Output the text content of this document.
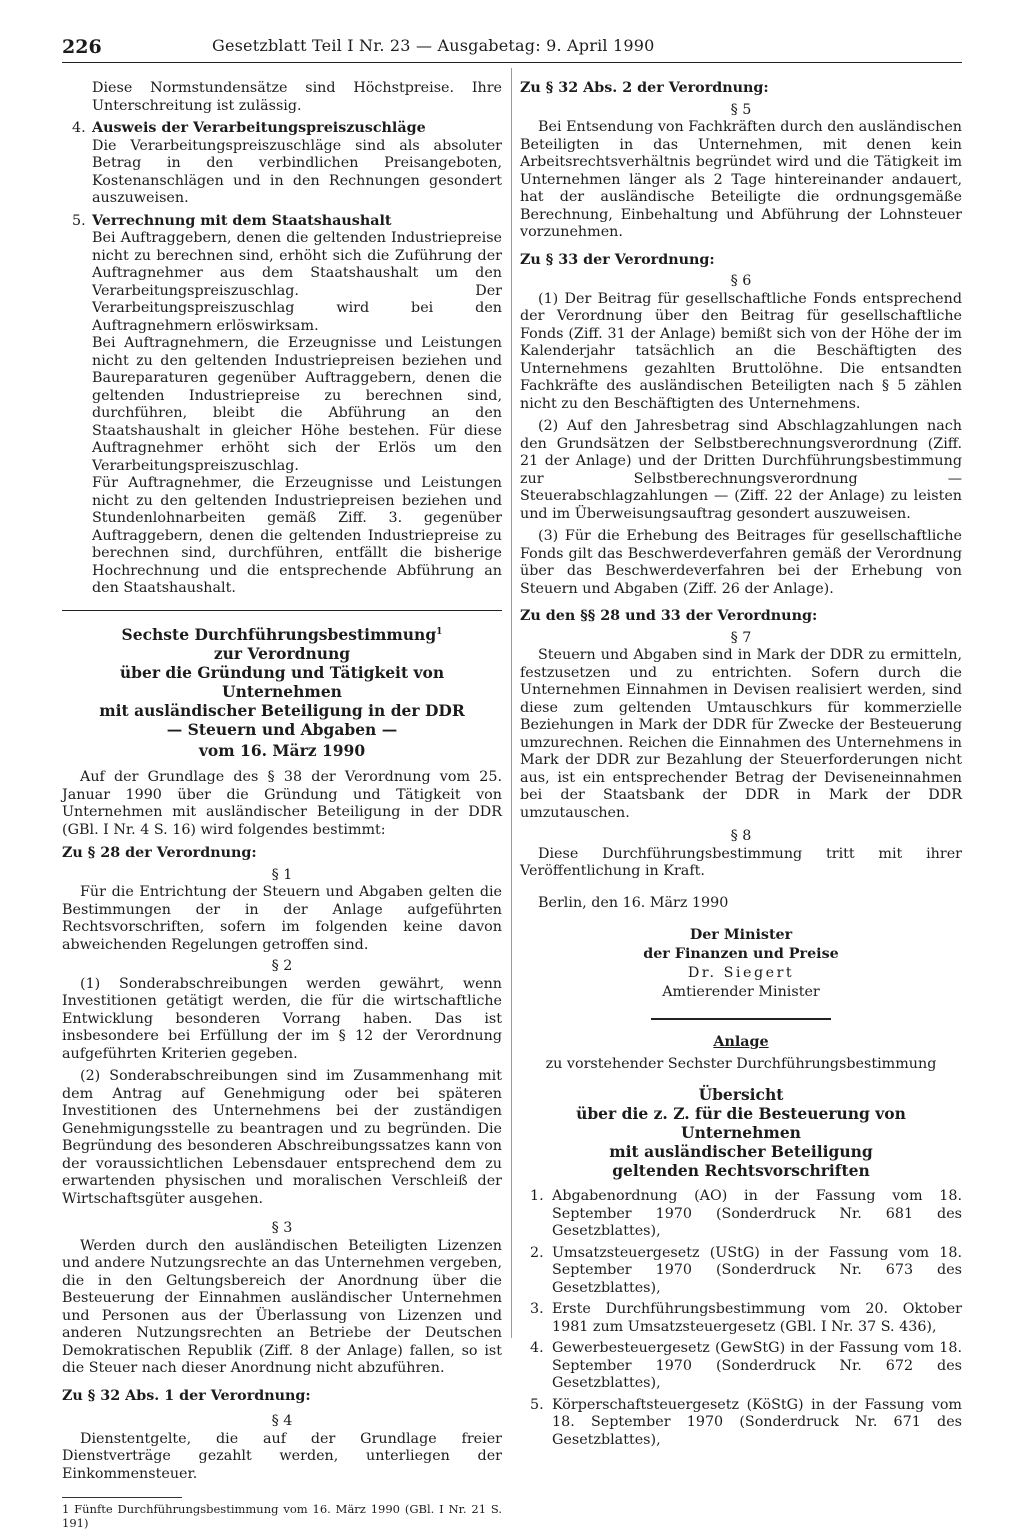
226	Gesetzblatt Teil I Nr. 23 — Ausgabetag: 9. April 1990

Diese Normstundensätze sind Höchstpreise. Ihre Unterschreitung ist zulässig.

4. Ausweis der Verarbeitungspreiszuschläge

Die Verarbeitungspreiszuschläge sind als absoluter Betrag in den verbindlichen Preisangeboten, Kostenanschlägen und in den Rechnungen gesondert auszuweisen.

5. Verrechnung mit dem Staatshaushalt

Bei Auftraggebern, denen die geltenden Industriepreise nicht zu berechnen sind, erhöht sich die Zuführung der Auftragnehmer aus dem Staatshaushalt um den Verarbeitungspreiszuschlag. Der Verarbeitungspreiszuschlag wird bei den Auftragnehmern erlöswirksam.

Bei Auftragnehmern, die Erzeugnisse und Leistungen nicht zu den geltenden Industriepreisen beziehen und Baureparaturen gegenüber Auftraggebern, denen die geltenden Industriepreise zu berechnen sind, durchführen, bleibt die Abführung an den Staatshaushalt in gleicher Höhe bestehen. Für diese Auftragnehmer erhöht sich der Erlös um den Verarbeitungspreiszuschlag.

Für Auftragnehmer, die Erzeugnisse und Leistungen nicht zu den geltenden Industriepreisen beziehen und Stundenlohnarbeiten gemäß Ziff. 3. gegenüber Auftraggebern, denen die geltenden Industriepreise zu berechnen sind, durchführen, entfällt die bisherige Hochrechnung und die entsprechende Abführung an den Staatshaushalt.

Sechste Durchführungsbestimmung$^1$
zur Verordnung
über die Gründung und Tätigkeit von Unternehmen
mit ausländischer Beteiligung in der DDR
— Steuern und Abgaben —
vom 16. März 1990

Auf der Grundlage des § 38 der Verordnung vom 25. Januar 1990 über die Gründung und Tätigkeit von Unternehmen mit ausländischer Beteiligung in der DDR (GBl. I Nr. 4 S. 16) wird folgendes bestimmt:

Zu § 28 der Verordnung:

§ 1

Für die Entrichtung der Steuern und Abgaben gelten die Bestimmungen der in der Anlage aufgeführten Rechtsvorschriften, sofern im folgenden keine davon abweichenden Regelungen getroffen sind.

§ 2

(1) Sonderabschreibungen werden gewährt, wenn Investitionen getätigt werden, die für die wirtschaftliche Entwicklung besonderen Vorrang haben. Das ist insbesondere bei Erfüllung der im § 12 der Verordnung aufgeführten Kriterien gegeben.

(2) Sonderabschreibungen sind im Zusammenhang mit dem Antrag auf Genehmigung oder bei späteren Investitionen des Unternehmens bei der zuständigen Genehmigungsstelle zu beantragen und zu begründen. Die Begründung des besonderen Abschreibungssatzes kann von der voraussichtlichen Lebensdauer entsprechend dem zu erwartenden physischen und moralischen Verschleiß der Wirtschaftsgüter ausgehen.

§ 3

Werden durch den ausländischen Beteiligten Lizenzen und andere Nutzungsrechte an das Unternehmen vergeben, die in den Geltungsbereich der Anordnung über die Besteuerung der Einnahmen ausländischer Unternehmen und Personen aus der Überlassung von Lizenzen und anderen Nutzungsrechten an Betriebe der Deutschen Demokratischen Republik (Ziff. 8 der Anlage) fallen, so ist die Steuer nach dieser Anordnung nicht abzuführen.

Zu § 32 Abs. 1 der Verordnung:

§ 4

Dienstentgelte, die auf der Grundlage freier Dienstverträge gezahlt werden, unterliegen der Einkommensteuer.

1 Fünfte Durchführungsbestimmung vom 16. März 1990 (GBl. I Nr. 21 S. 191)

Zu § 32 Abs. 2 der Verordnung:

§ 5

Bei Entsendung von Fachkräften durch den ausländischen Beteiligten in das Unternehmen, mit denen kein Arbeitsrechtsverhältnis begründet wird und die Tätigkeit im Unternehmen länger als 2 Tage hintereinander andauert, hat der ausländische Beteiligte die ordnungsgemäße Berechnung, Einbehaltung und Abführung der Lohnsteuer vorzunehmen.

Zu § 33 der Verordnung:

§ 6

(1) Der Beitrag für gesellschaftliche Fonds entsprechend der Verordnung über den Beitrag für gesellschaftliche Fonds (Ziff. 31 der Anlage) bemißt sich von der Höhe der im Kalenderjahr tatsächlich an die Beschäftigten des Unternehmens gezahlten Bruttolöhne. Die entsandten Fachkräfte des ausländischen Beteiligten nach § 5 zählen nicht zu den Beschäftigten des Unternehmens.

(2) Auf den Jahresbetrag sind Abschlagzahlungen nach den Grundsätzen der Selbstberechnungsverordnung (Ziff. 21 der Anlage) und der Dritten Durchführungsbestimmung zur Selbstberechnungsverordnung — Steuerabschlagzahlungen — (Ziff. 22 der Anlage) zu leisten und im Überweisungsauftrag gesondert auszuweisen.

(3) Für die Erhebung des Beitrages für gesellschaftliche Fonds gilt das Beschwerdeverfahren gemäß der Verordnung über das Beschwerdeverfahren bei der Erhebung von Steuern und Abgaben (Ziff. 26 der Anlage).

Zu den §§ 28 und 33 der Verordnung:

§ 7

Steuern und Abgaben sind in Mark der DDR zu ermitteln, festzusetzen und zu entrichten. Sofern durch die Unternehmen Einnahmen in Devisen realisiert werden, sind diese zum geltenden Umtauschkurs für kommerzielle Beziehungen in Mark der DDR für Zwecke der Besteuerung umzurechnen. Reichen die Einnahmen des Unternehmens in Mark der DDR zur Bezahlung der Steuerforderungen nicht aus, ist ein entsprechender Betrag der Deviseneinnahmen bei der Staatsbank der DDR in Mark der DDR umzutauschen.

§ 8

Diese Durchführungsbestimmung tritt mit ihrer Veröffentlichung in Kraft.

Berlin, den 16. März 1990

Der Minister
der Finanzen und Preise
Dr. Siegert
Amtierender Minister

Anlage

zu vorstehender Sechster Durchführungsbestimmung

Übersicht
über die z. Z. für die Besteuerung von Unternehmen
mit ausländischer Beteiligung
geltenden Rechtsvorschriften
1. Abgabenordnung (AO) in der Fassung vom 18. September 1970 (Sonderdruck Nr. 681 des Gesetzblattes),
2. Umsatzsteuergesetz (UStG) in der Fassung vom 18. September 1970 (Sonderdruck Nr. 673 des Gesetzblattes),
3. Erste Durchführungsbestimmung vom 20. Oktober 1981 zum Umsatzsteuergesetz (GBl. I Nr. 37 S. 436),
4. Gewerbesteuergesetz (GewStG) in der Fassung vom 18. September 1970 (Sonderdruck Nr. 672 des Gesetzblattes),
5. Körperschaftsteuergesetz (KöStG) in der Fassung vom 18. September 1970 (Sonderdruck Nr. 671 des Gesetzblattes),
